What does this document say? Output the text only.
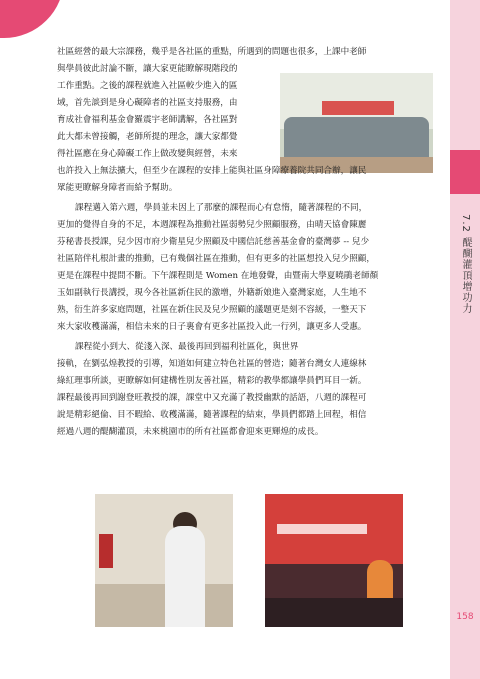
7.2 醍醐灌頂增功力
158

社區經營的最大宗課務，幾乎是各社區的重點，所遇到的問題也很多，上課中老師

與學員彼此討論不斷，讓大家更能瞭解現階段的

工作重點。之後的課程就進入社區較少進入的區

域，首先談到是身心礙障者的社區支持服務，由

育成社會福利基金會羅震宇老師講解，各社區對

此大都未曾接觸，老師所提的理念，讓大家都覺

得社區應在身心障礙工作上做改變與經營，未來

也許投入上無法擴大，但至少在課程的安排上能與社區身障療養院共同合辦，讓民

眾能更瞭解身障者而給予幫助。

課程邁入第六週，學員並未因上了那麼的課程而心有怠惰，隨著課程的不同，

更加的覺得自身的不足，本週課程為推動社區弱勢兒少照顧服務，由晴天協會陳麗

芬秘書長授課，兒少因市府少衛星兒少照顧及中國信託慈善基金會的臺灣夢 -- 兒少

社區陪伴札根計畫的推動，已有幾個社區在推動，但有更多的社區想投入兒少照顧，

更是在課程中提問不斷。下午課程則是 Women 在地發聲，由暨南大學夏曉鵑老師顏

玉如副執行長講授，現今各社區新住民的激增，外籍新娘進入臺灣家庭，人生地不

熟，衍生許多家庭問題，社區在新住民及兒少照顧的議題更是刻不容緩，一整天下

來大家收穫滿滿，相信未來的日子裏會有更多社區投入此一行列，讓更多人受惠。

課程從小到大、從淺入深、最後再回到福利社區化，與世界

接軌，在劉弘煌教授的引導，知道如何建立特色社區的營造；隨著台灣女人連線林

綠紅理事所談，更瞭解如何建構性別友善社區，精彩的教學都讓學員們耳目一新。

課程最後再回到謝登旺教授的課，課堂中又充滿了教授幽默的話語，八週的課程可

說是精彩絕倫、目不暇給、收穫滿滿，隨著課程的結束，學員們都踏上回程，相信

經過八週的醍醐灌頂，未來桃園市的所有社區都會迎來更輝煌的成長。
